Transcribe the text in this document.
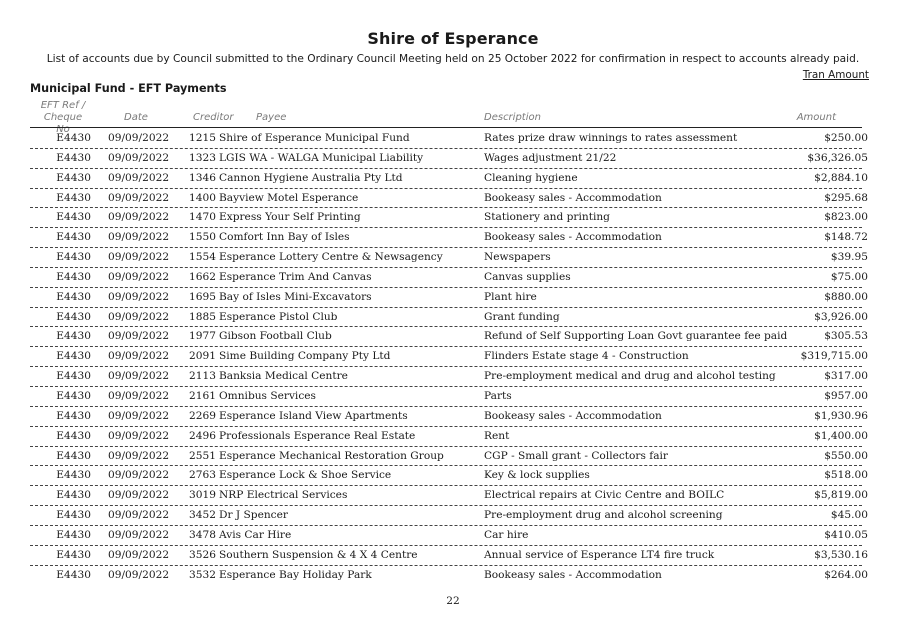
Shire of Esperance
List of accounts due by Council submitted to the Ordinary Council Meeting held on 25 October 2022 for confirmation in respect to accounts already paid.
Tran Amount
Municipal Fund - EFT Payments
EFT Ref /
Cheque No
Date	Creditor Payee	Description	Amount
E4430 09/09/2022 1215 Shire of Esperance Municipal Fund	Rates prize draw winnings to rates assessment	$250.00
E4430 09/09/2022 1323 LGIS WA - WALGA Municipal Liability	Wages adjustment 21/22	$36,326.05
E4430 09/09/2022 1346 Cannon Hygiene Australia Pty Ltd	Cleaning hygiene	$2,884.10
E4430 09/09/2022 1400 Bayview Motel Esperance	Bookeasy sales - Accommodation	$295.68
E4430 09/09/2022 1470 Express Your Self Printing	Stationery and printing	$823.00
E4430 09/09/2022 1550 Comfort Inn Bay of Isles	Bookeasy sales - Accommodation	$148.72
E4430 09/09/2022 1554 Esperance Lottery Centre & Newsagency	Newspapers	$39.95
E4430 09/09/2022 1662 Esperance Trim And Canvas	Canvas supplies	$75.00
E4430 09/09/2022 1695 Bay of Isles Mini-Excavators	Plant hire	$880.00
E4430 09/09/2022 1885 Esperance Pistol Club	Grant funding	$3,926.00
E4430 09/09/2022 1977 Gibson Football Club	Refund of Self Supporting Loan Govt guarantee fee paid	$305.53
E4430 09/09/2022 2091 Sime Building Company Pty Ltd	Flinders Estate stage 4 - Construction	$319,715.00
E4430 09/09/2022 2113 Banksia Medical Centre	Pre-employment medical and drug and alcohol testing	$317.00
E4430 09/09/2022 2161 Omnibus Services	Parts	$957.00
E4430 09/09/2022 2269 Esperance Island View Apartments	Bookeasy sales - Accommodation	$1,930.96
E4430 09/09/2022 2496 Professionals Esperance Real Estate	Rent	$1,400.00
E4430 09/09/2022 2551 Esperance Mechanical Restoration Group	CGP - Small grant - Collectors fair	$550.00
E4430 09/09/2022 2763 Esperance Lock & Shoe Service	Key & lock supplies	$518.00
E4430 09/09/2022 3019 NRP Electrical Services	Electrical repairs at Civic Centre and BOILC	$5,819.00
E4430 09/09/2022 3452 Dr J Spencer	Pre-employment drug and alcohol screening	$45.00
E4430 09/09/2022 3478 Avis Car Hire	Car hire	$410.05
E4430 09/09/2022 3526 Southern Suspension & 4 X 4 Centre	Annual service of Esperance LT4 fire truck	$3,530.16
E4430 09/09/2022 3532 Esperance Bay Holiday Park	Bookeasy sales - Accommodation	$264.00
22
